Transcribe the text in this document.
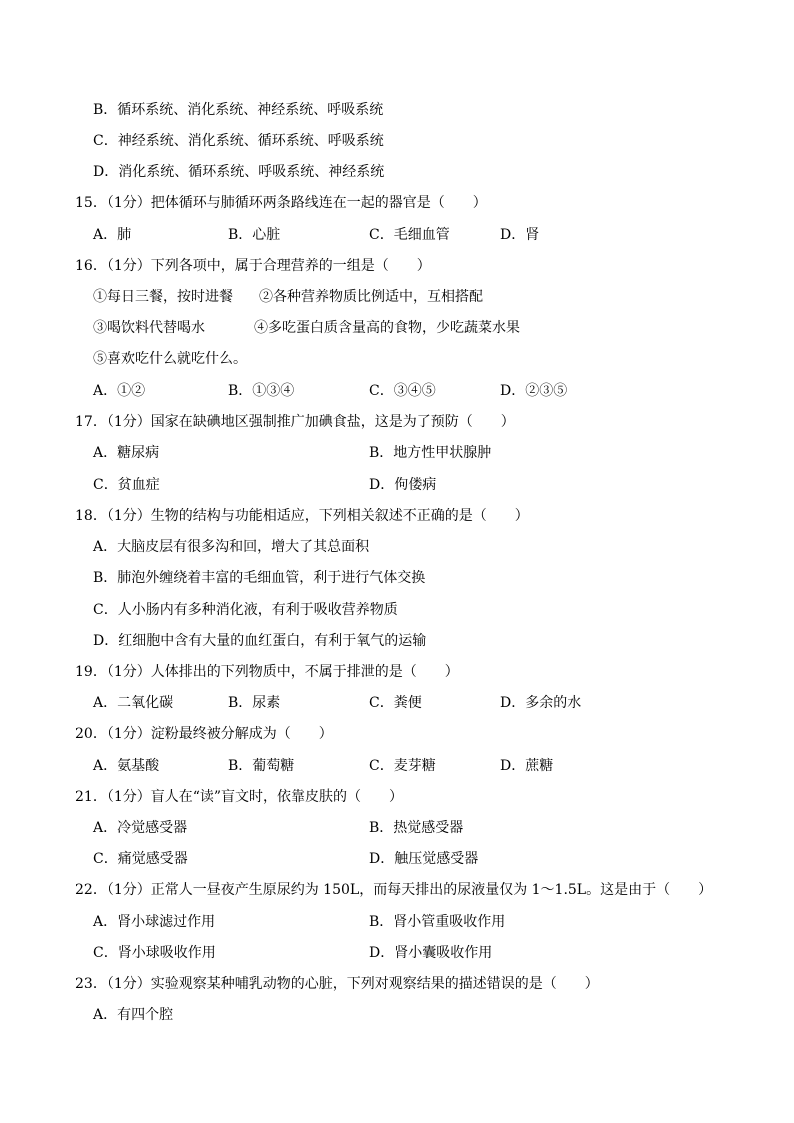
B．循环系统、消化系统、神经系统、呼吸系统
C．神经系统、消化系统、循环系统、呼吸系统
D．消化系统、循环系统、呼吸系统、神经系统
15．（1分）把体循环与肺循环两条路线连在一起的器官是（　　）
A．肺	B．心脏	C．毛细血管	D．肾
16．（1分）下列各项中，属于合理营养的一组是（　　）
①每日三餐，按时进餐 ②各种营养物质比例适中，互相搭配
③喝饮料代替喝水	④多吃蛋白质含量高的食物，少吃蔬菜水果
⑤喜欢吃什么就吃什么。
A．①②	B．①③④	C．③④⑤	D．②③⑤
17．（1分）国家在缺碘地区强制推广加碘食盐，这是为了预防（　　）
A．糖尿病	B．地方性甲状腺肿
C．贫血症	D．佝偻病
18．（1分）生物的结构与功能相适应，下列相关叙述不正确的是（　　）
A．大脑皮层有很多沟和回，增大了其总面积
B．肺泡外缠绕着丰富的毛细血管，利于进行气体交换
C．人小肠内有多种消化液，有利于吸收营养物质
D．红细胞中含有大量的血红蛋白，有利于氧气的运输
19．（1分）人体排出的下列物质中，不属于排泄的是（　　）
A．二氧化碳	B．尿素	C．粪便	D．多余的水
20．（1分）淀粉最终被分解成为（　　）
A．氨基酸	B．葡萄糖	C．麦芽糖	D．蔗糖
21．（1分）盲人在“读”盲文时，依靠皮肤的（　　）
A．冷觉感受器	B．热觉感受器
C．痛觉感受器	D．触压觉感受器
22．（1分）正常人一昼夜产生原尿约为 150L，而每天排出的尿液量仅为 1～1.5L。这是由于（　　）
A．肾小球滤过作用	B．肾小管重吸收作用
C．肾小球吸收作用	D．肾小囊吸收作用
23．（1分）实验观察某种哺乳动物的心脏，下列对观察结果的描述错误的是（　　）
A．有四个腔
